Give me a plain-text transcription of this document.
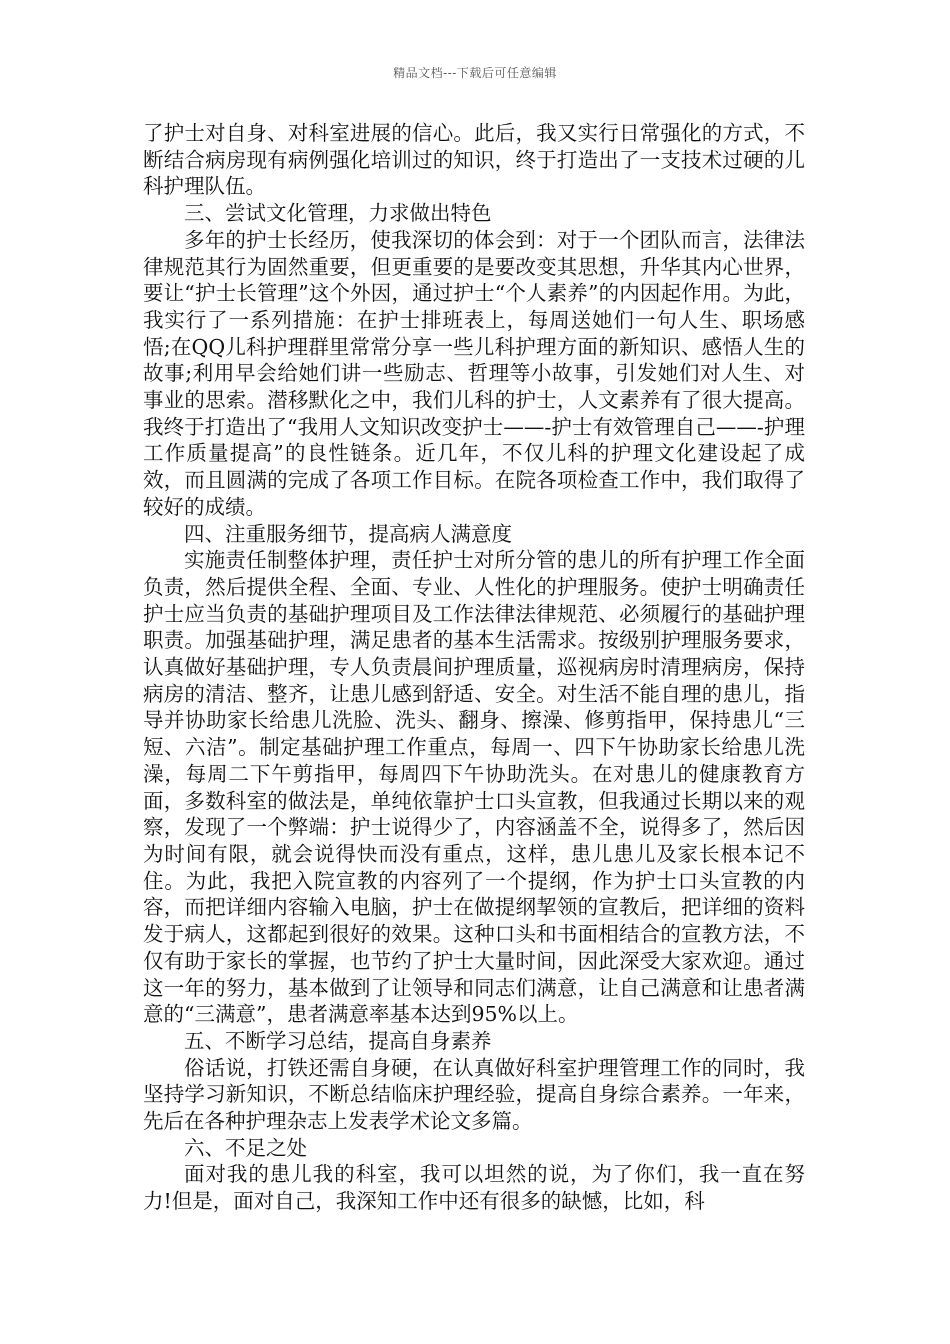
精品文档---下载后可任意编辑

了护士对自身、对科室进展的信心。此后，我又实行日常强化的方式，不断结合病房现有病例强化培训过的知识，终于打造出了一支技术过硬的儿科护理队伍。

三、尝试文化管理，力求做出特色

多年的护士长经历，使我深切的体会到：对于一个团队而言，法律法律规范其行为固然重要，但更重要的是要改变其思想，升华其内心世界，要让“护士长管理”这个外因，通过护士“个人素养”的内因起作用。为此，我实行了一系列措施：在护士排班表上，每周送她们一句人生、职场感悟;在QQ儿科护理群里常常分享一些儿科护理方面的新知识、感悟人生的故事;利用早会给她们讲一些励志、哲理等小故事，引发她们对人生、对事业的思索。潜移默化之中，我们儿科的护士，人文素养有了很大提高。我终于打造出了“我用人文知识改变护士——-护士有效管理自己——-护理工作质量提高”的良性链条。近几年，不仅儿科的护理文化建设起了成效，而且圆满的完成了各项工作目标。在院各项检查工作中，我们取得了较好的成绩。

四、注重服务细节，提高病人满意度

实施责任制整体护理，责任护士对所分管的患儿的所有护理工作全面负责，然后提供全程、全面、专业、人性化的护理服务。使护士明确责任护士应当负责的基础护理项目及工作法律法律规范、必须履行的基础护理职责。加强基础护理，满足患者的基本生活需求。按级别护理服务要求，认真做好基础护理，专人负责晨间护理质量，巡视病房时清理病房，保持病房的清洁、整齐，让患儿感到舒适、安全。对生活不能自理的患儿，指导并协助家长给患儿洗脸、洗头、翻身、擦澡、修剪指甲，保持患儿“三短、六洁”。制定基础护理工作重点，每周一、四下午协助家长给患儿洗澡，每周二下午剪指甲，每周四下午协助洗头。在对患儿的健康教育方面，多数科室的做法是，单纯依靠护士口头宣教，但我通过长期以来的观察，发现了一个弊端：护士说得少了，内容涵盖不全，说得多了，然后因为时间有限，就会说得快而没有重点，这样，患儿患儿及家长根本记不住。为此，我把入院宣教的内容列了一个提纲，作为护士口头宣教的内容，而把详细内容输入电脑，护士在做提纲挈领的宣教后，把详细的资料发于病人，这都起到很好的效果。这种口头和书面相结合的宣教方法，不仅有助于家长的掌握，也节约了护士大量时间，因此深受大家欢迎。通过这一年的努力，基本做到了让领导和同志们满意，让自己满意和让患者满意的“三满意”，患者满意率基本达到95%以上。

五、不断学习总结，提高自身素养

俗话说，打铁还需自身硬，在认真做好科室护理管理工作的同时，我坚持学习新知识，不断总结临床护理经验，提高自身综合素养。一年来，先后在各种护理杂志上发表学术论文多篇。

六、不足之处

面对我的患儿我的科室，我可以坦然的说，为了你们，我一直在努力!但是，面对自己，我深知工作中还有很多的缺憾，比如，科
